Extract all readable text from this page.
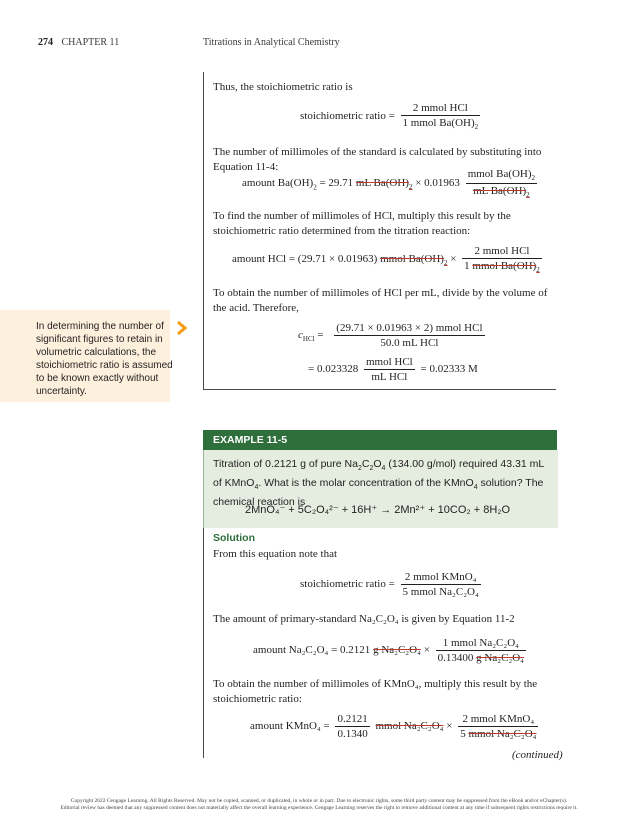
274 CHAPTER 11	Titrations in Analytical Chemistry
Thus, the stoichiometric ratio is
stoichiometric ratio = $\frac{\text{2 mmol HCl}}{1 mmol Ba(OH)_2}$
The number of millimoles of the standard is calculated by substituting into Equation 11-4:
amount $Ba(OH)_2 = 29.71$ mL $Ba(OH)_2 \times 0.01963 \frac{mmol Ba(OH)_2}{mL Ba(OH)_2}$
To find the number of millimoles of HCl, multiply this result by the stoichiometric ratio determined from the titration reaction:
amount HCl = (29.71 × 0.01963) mmol $Ba(OH)_2 \times \frac{\text{2 mmol HCl}}{1 mmol Ba(OH)_2}$
To obtain the number of millimoles of HCl per mL, divide by the volume of the acid. Therefore,
$c_{HCl} = \frac{\text{(29.71 × 0.01963 × 2) mmol HCl}}{\text{50.0 mL HCl}}$
= $0.023328 \frac{\text{mmol HCl}}{\text{mL HCl}} = 0.02333$ M
In determining the number of significant figures to retain in volumetric calculations, the stoichiometric ratio is assumed to be known exactly without uncertainty.
EXAMPLE 11-5
Titration of 0.2121 g of pure $Na_2C_2O_4$ (134.00 g/mol) required 43.31 mL of KMnO$_4$. What is the molar concentration of the KMnO$_4$ solution? The chemical reaction is
2MnO₄⁻ + 5C₂O₄²⁻ + 16H⁺ → 2Mn²⁺ + 10CO₂ + 8H₂O
Solution
From this equation note that
stoichiometric ratio = $\frac{\text{2 mmol KMnO₄}}{\text{5 mmol Na₂C₂O₄}}$
The amount of primary-standard Na₂C₂O₄ is given by Equation 11-2
amount Na₂C₂O₄ = 0.2121 g $Na_2C_2O_4 \times \frac{\text{1 mmol Na₂C₂O₄}}{\text{0.13400 g Na₂C₂O₄}}$
To obtain the number of millimoles of KMnO₄, multiply this result by the stoichiometric ratio:
amount KMnO₄ = $\frac{0.2121}{0.1340}$ mmol $Na_2C_2O_4 \times \frac{\text{2 mmol KMnO₄}}{\text{5 mmol Na₂C₂O₄}}$
(continued)
Copyright 2022 Cengage Learning. All Rights Reserved. May not be copied, scanned, or duplicated, in whole or in part. Due to electronic rights, some third party content may be suppressed from the eBook and/or eChapter(s).
Editorial review has deemed that any suppressed content does not materially affect the overall learning experience. Cengage Learning reserves the right to remove additional content at any time if subsequent rights restrictions require it.
